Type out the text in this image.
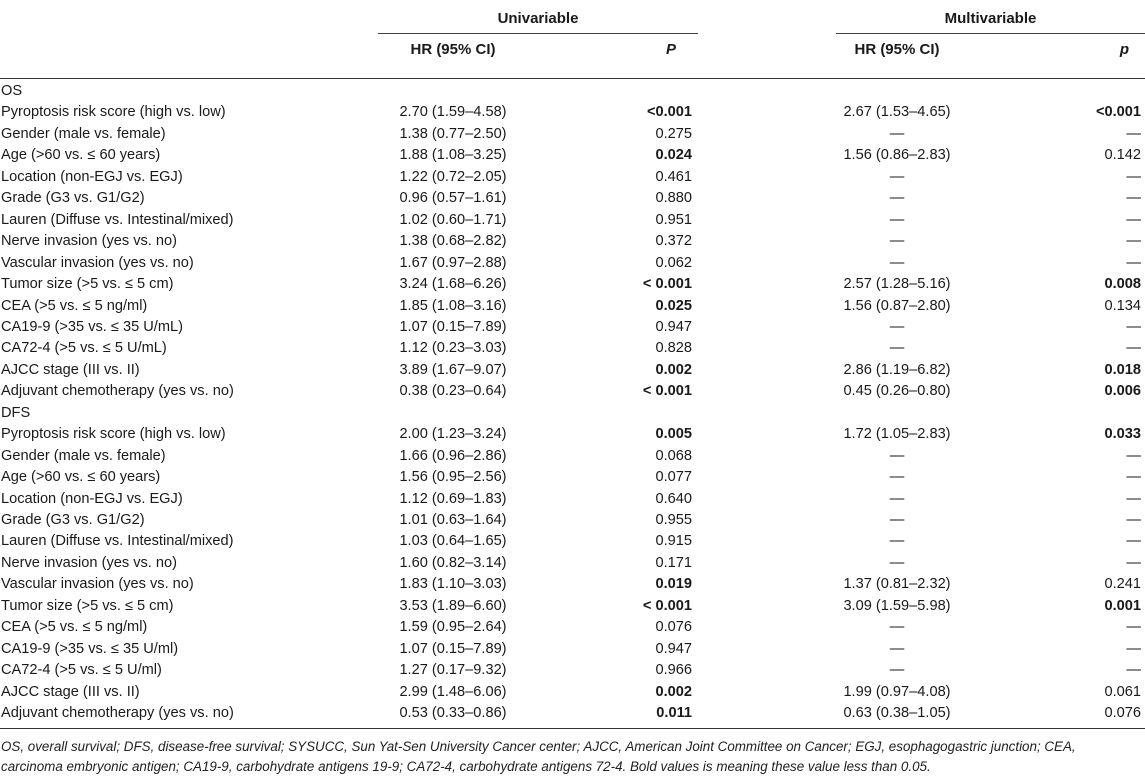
Univariable	Multivariable
HR (95% CI)	P	HR (95% CI)	p
OS
Pyroptosis risk score (high vs. low)	2.70 (1.59–4.58)	<0.001	2.67 (1.53–4.65)	<0.001
Gender (male vs. female)	1.38 (0.77–2.50)	0.275	—	—
Age (>60 vs. ≤ 60 years)	1.88 (1.08–3.25)	0.024	1.56 (0.86–2.83)	0.142
Location (non-EGJ vs. EGJ)	1.22 (0.72–2.05)	0.461	—	—
Grade (G3 vs. G1/G2)	0.96 (0.57–1.61)	0.880	—	—
Lauren (Diffuse vs. Intestinal/mixed)	1.02 (0.60–1.71)	0.951	—	—
Nerve invasion (yes vs. no)	1.38 (0.68–2.82)	0.372	—	—
Vascular invasion (yes vs. no)	1.67 (0.97–2.88)	0.062	—	—
Tumor size (>5 vs. ≤ 5 cm)	3.24 (1.68–6.26)	< 0.001	2.57 (1.28–5.16)	0.008
CEA (>5 vs. ≤ 5 ng/ml)	1.85 (1.08–3.16)	0.025	1.56 (0.87–2.80)	0.134
CA19-9 (>35 vs. ≤ 35 U/mL)	1.07 (0.15–7.89)	0.947	—	—
CA72-4 (>5 vs. ≤ 5 U/mL)	1.12 (0.23–3.03)	0.828	—	—
AJCC stage (III vs. II)	3.89 (1.67–9.07)	0.002	2.86 (1.19–6.82)	0.018
Adjuvant chemotherapy (yes vs. no)	0.38 (0.23–0.64)	< 0.001	0.45 (0.26–0.80)	0.006
DFS
Pyroptosis risk score (high vs. low)	2.00 (1.23–3.24)	0.005	1.72 (1.05–2.83)	0.033
Gender (male vs. female)	1.66 (0.96–2.86)	0.068	—	—
Age (>60 vs. ≤ 60 years)	1.56 (0.95–2.56)	0.077	—	—
Location (non-EGJ vs. EGJ)	1.12 (0.69–1.83)	0.640	—	—
Grade (G3 vs. G1/G2)	1.01 (0.63–1.64)	0.955	—	—
Lauren (Diffuse vs. Intestinal/mixed)	1.03 (0.64–1.65)	0.915	—	—
Nerve invasion (yes vs. no)	1.60 (0.82–3.14)	0.171	—	—
Vascular invasion (yes vs. no)	1.83 (1.10–3.03)	0.019	1.37 (0.81–2.32)	0.241
Tumor size (>5 vs. ≤ 5 cm)	3.53 (1.89–6.60)	< 0.001	3.09 (1.59–5.98)	0.001
CEA (>5 vs. ≤ 5 ng/ml)	1.59 (0.95–2.64)	0.076	—	—
CA19-9 (>35 vs. ≤ 35 U/ml)	1.07 (0.15–7.89)	0.947	—	—
CA72-4 (>5 vs. ≤ 5 U/ml)	1.27 (0.17–9.32)	0.966	—	—
AJCC stage (III vs. II)	2.99 (1.48–6.06)	0.002	1.99 (0.97–4.08)	0.061
Adjuvant chemotherapy (yes vs. no)	0.53 (0.33–0.86)	0.011	0.63 (0.38–1.05)	0.076
OS, overall survival; DFS, disease-free survival; SYSUCC, Sun Yat-Sen University Cancer center; AJCC, American Joint Committee on Cancer; EGJ, esophagogastric junction; CEA, carcinoma embryonic antigen; CA19-9, carbohydrate antigens 19-9; CA72-4, carbohydrate antigens 72-4. Bold values is meaning these value less than 0.05.
